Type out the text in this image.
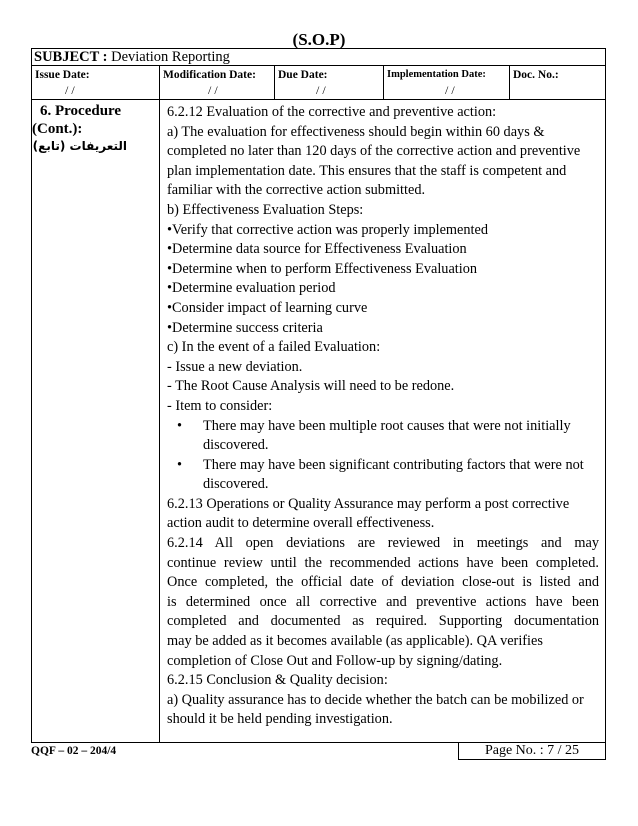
(S.O.P)
SUBJECT : Deviation Reporting
Issue Date:
/ /
Modification Date:
/ /
Due Date:
/ /
Implementation Date:
/ /
Doc. No.:
6. Procedure
(Cont.):
التعريفات (تابع)
6.2.12 Evaluation of the corrective and preventive action:
a) The evaluation for effectiveness should begin within 60 days &
completed no later than 120 days of the corrective action and preventive
plan implementation date. This ensures that the staff is competent and
familiar with the corrective action submitted.
b) Effectiveness Evaluation Steps:
•Verify that corrective action was properly implemented
•Determine data source for Effectiveness Evaluation
•Determine when to perform Effectiveness Evaluation
•Determine evaluation period
•Consider impact of learning curve
•Determine success criteria
c) In the event of a failed Evaluation:
- Issue a new deviation.
- The Root Cause Analysis will need to be redone.
- Item to consider:
• There may have been multiple root causes that were not initially
discovered.
• There may have been significant contributing factors that were not
discovered.
6.2.13 Operations or Quality Assurance may perform a post corrective
action audit to determine overall effectiveness.
6.2.14 All open deviations are reviewed in meetings and may
continue review until the recommended actions have been completed.
Once completed, the official date of deviation close-out is listed and
is determined once all corrective and preventive actions have been
completed and documented as required. Supporting documentation
may be added as it becomes available (as applicable). QA verifies
completion of Close Out and Follow-up by signing/dating.
6.2.15 Conclusion & Quality decision:
a) Quality assurance has to decide whether the batch can be mobilized or
should it be held pending investigation.
QQF – 02 – 204/4	Page No. : 7 / 25
